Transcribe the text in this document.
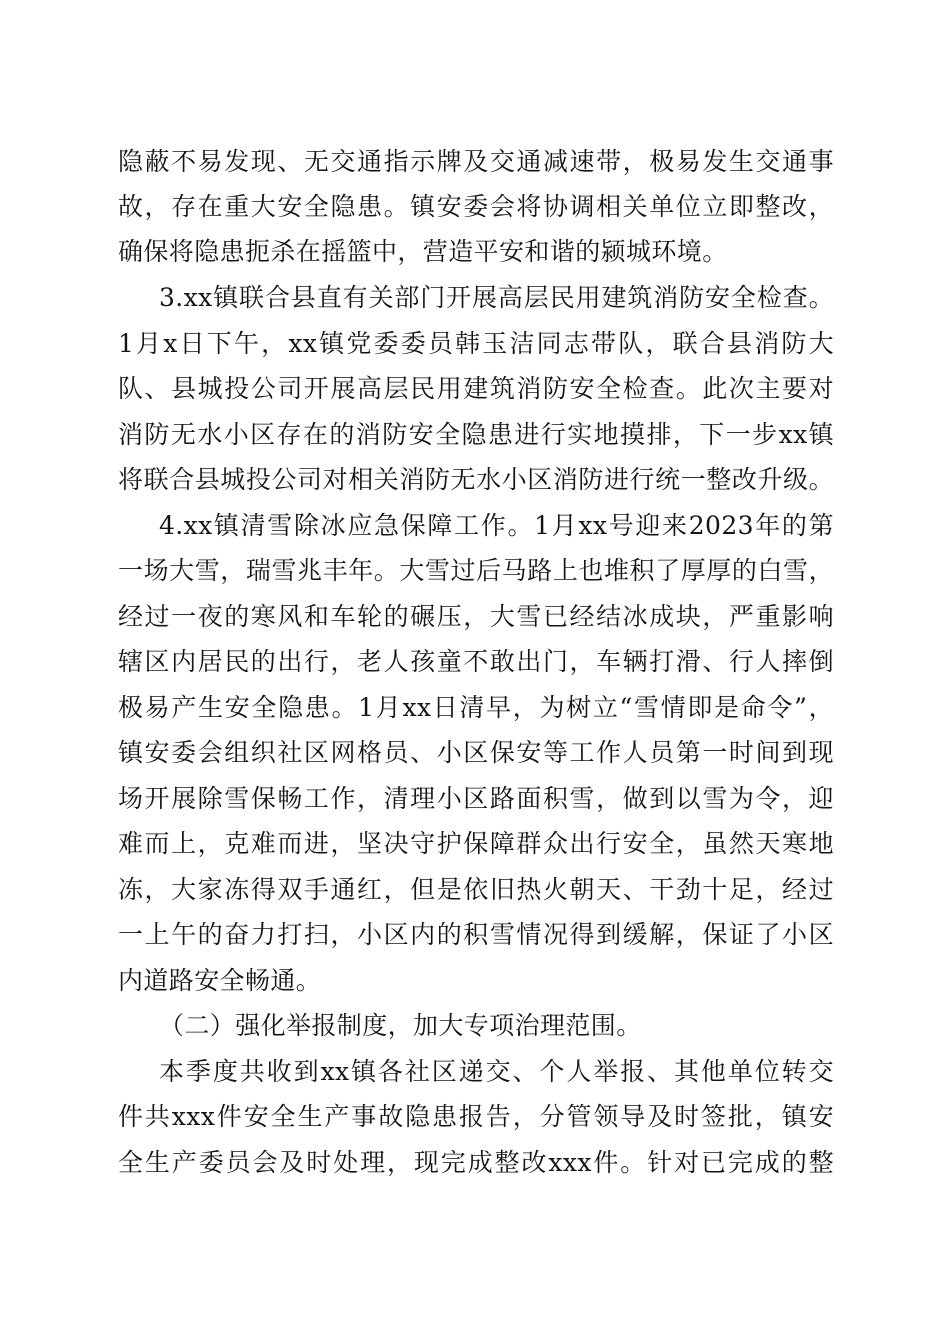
隐蔽不易发现、无交通指示牌及交通减速带，极易发生交通事
故，存在重大安全隐患。镇安委会将协调相关单位立即整改，
确保将隐患扼杀在摇篮中，营造平安和谐的颍城环境。
3.xx镇联合县直有关部门开展高层民用建筑消防安全检查。
1月x日下午，xx镇党委委员韩玉洁同志带队，联合县消防大
队、县城投公司开展高层民用建筑消防安全检查。此次主要对
消防无水小区存在的消防安全隐患进行实地摸排，下一步xx镇
将联合县城投公司对相关消防无水小区消防进行统一整改升级。
4.xx镇清雪除冰应急保障工作。1月xx号迎来2023年的第
一场大雪，瑞雪兆丰年。大雪过后马路上也堆积了厚厚的白雪，
经过一夜的寒风和车轮的碾压，大雪已经结冰成块，严重影响
辖区内居民的出行，老人孩童不敢出门，车辆打滑、行人摔倒
极易产生安全隐患。1月xx日清早，为树立“雪情即是命令”，
镇安委会组织社区网格员、小区保安等工作人员第一时间到现
场开展除雪保畅工作，清理小区路面积雪，做到以雪为令，迎
难而上，克难而进，坚决守护保障群众出行安全，虽然天寒地
冻，大家冻得双手通红，但是依旧热火朝天、干劲十足，经过
一上午的奋力打扫，小区内的积雪情况得到缓解，保证了小区
内道路安全畅通。
（二）强化举报制度，加大专项治理范围。
本季度共收到xx镇各社区递交、个人举报、其他单位转交
件共xxx件安全生产事故隐患报告，分管领导及时签批，镇安
全生产委员会及时处理，现完成整改xxx件。针对已完成的整
